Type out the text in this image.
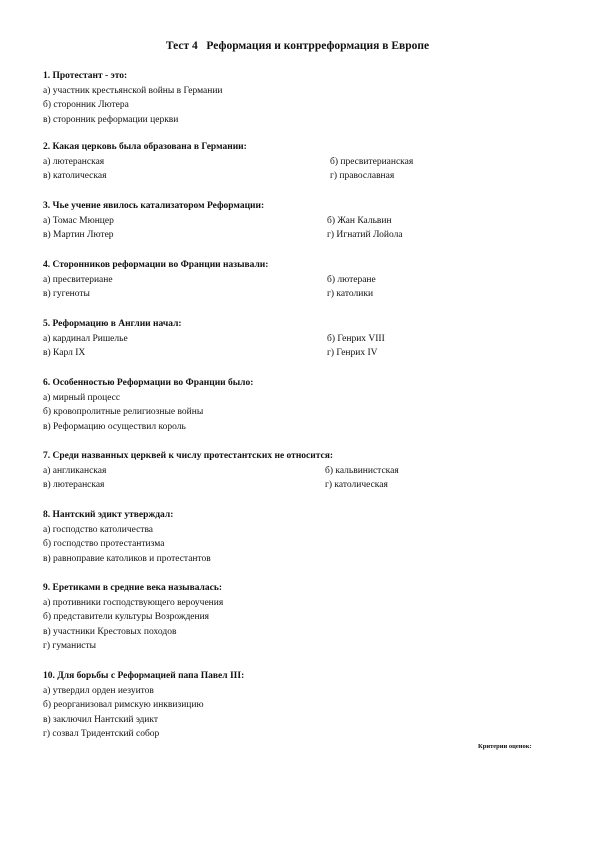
Тест 4   Реформация и контрреформация в Европе
1. Протестант - это:
а) участник крестьянской войны в Германии
б) сторонник Лютера
в) сторонник реформации церкви
2. Какая церковь была образована в Германии:
а) лютеранская	б) пресвитерианская
в) католическая	г) православная
3. Чье учение явилось катализатором Реформации:
а) Томас Мюнцер	б) Жан Кальвин
в) Мартин Лютер	г) Игнатий Лойола
4. Сторонников реформации во Франции называли:
а) пресвитериане	б) лютеране
в) гугеноты	г) католики
5. Реформацию в Англии начал:
а) кардинал Ришелье	б) Генрих VIII
в) Карл IX	г) Генрих IV
6. Особенностью Реформации во Франции было:
а) мирный процесс
б) кровопролитные религиозные войны
в) Реформацию осуществил король
7. Среди названных церквей к числу протестантских не относится:
а) англиканская	б) кальвинистская
в) лютеранская	г) католическая
8. Нантский эдикт утверждал:
а) господство католичества
б) господство протестантизма
в) равноправие католиков и протестантов
9. Еретиками в средние века называлась:
а) противники господствующего вероучения
б) представители культуры Возрождения
в) участники Крестовых походов
г) гуманисты
10. Для борьбы с Реформацией папа Павел III:
а) утвердил орден иезуитов
б) реорганизовал римскую инквизицию
в) заключил Нантский эдикт
г) созвал Тридентский собор
Критерии оценок:
